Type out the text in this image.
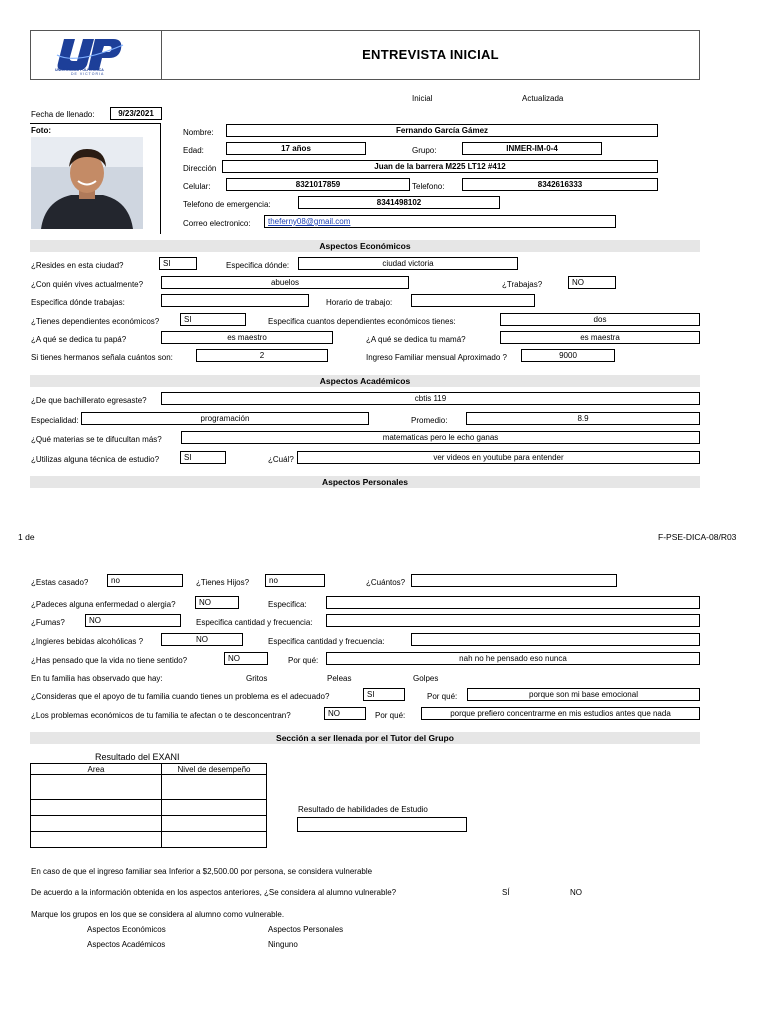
UNIVERSIDAD POLITÉCNICA
DE VICTORIA
ENTREVISTA INICIAL
Inicial	Actualizada
Fecha de llenado:	9/23/2021
Foto:	Nombre:	Fernando García Gámez
Edad:	17 años	Grupo:	INMER-IM-0-4
Dirección	Juan de la barrera M225 LT12 #412
Celular:	8321017859	Telefono:	8342616333
Telefono de emergencia:	8341498102
Correo electronico:	theferny08@gmail.com
Aspectos Económicos
¿Resides en esta ciudad?	SI	Especifica dónde:	ciudad victoria
¿Con quién vives actualmente?	abuelos	¿Trabajas?	NO
Especifica dónde trabajas:	Horario de trabajo:
¿Tienes dependientes económicos?	SI	Especifica cuantos dependientes económicos tienes:	dos
¿A qué se dedica tu papá?	es maestro	¿A qué se dedica tu mamá?	es maestra
Si tienes hermanos señala cuántos son:	2	Ingreso Familiar mensual Aproximado ?	9000
Aspectos Académicos
¿De que bachillerato egresaste?	cbtis 119
Especialidad:	programación	Promedio:	8.9
¿Qué materias se te difucultan más?	matematicas pero le echo ganas
¿Utilizas alguna técnica de estudio?	SI	¿Cuál?	ver videos en youtube para entender
Aspectos Personales
1 de	F-PSE-DICA-08/R03
¿Estas casado?	no	¿Tienes Hijos?	no	¿Cuántos?
¿Padeces alguna enfermedad o alergia?	NO	Especifica:
¿Fumas?	NO	Especifica cantidad y frecuencia:
¿Ingieres bebidas alcohólicas ?	NO	Especifica cantidad y frecuencia:
¿Has pensado que la vida no tiene sentido?	NO	Por qué:	nah no he pensado eso nunca
En tu familia has observado que hay:	Gritos	Peleas	Golpes
¿Consideras que el apoyo de tu familia cuando tienes un problema es el adecuado?	SI	Por qué:	porque son mi base emocional
¿Los problemas económicos de tu familia te afectan o te desconcentran?	NO	Por qué:	porque prefiero concentrarme en mis estudios antes que nada
Sección a ser llenada por el Tutor del Grupo
Resultado del EXANI
Area	Nivel de desempeño

Resultado de habilidades de Estudio
En caso de que el ingreso familiar sea Inferior a $2,500.00 por persona, se considera vulnerable
De acuerdo a la información obtenida en los aspectos anteriores, ¿Se considera al alumno vulnerable?	SÍ	NO
Marque los grupos en los que se considera al alumno como vulnerable.
Aspectos Económicos	Aspectos Personales
Aspectos Académicos	Ninguno
